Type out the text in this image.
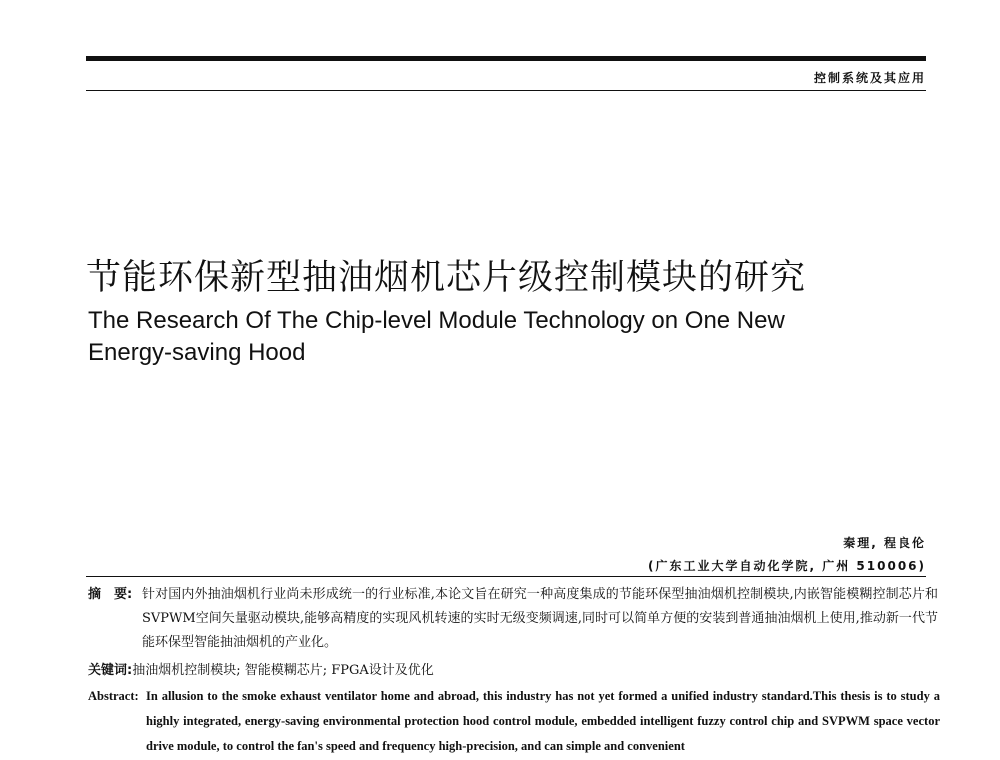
控制系统及其应用
节能环保新型抽油烟机芯片级控制模块的研究
The Research Of The Chip-level Module Technology on One New Energy-saving Hood
秦理, 程良伦
(广东工业大学自动化学院, 广州 510006)
摘　要: 针对国内外抽油烟机行业尚未形成统一的行业标准,本论文旨在研究一种高度集成的节能环保型抽油烟机控制模块,内嵌智能模糊控制芯片和SVPWM空间矢量驱动模块,能够高精度的实现风机转速的实时无级变频调速,同时可以简单方便的安装到普通抽油烟机上使用,推动新一代节能环保型智能抽油烟机的产业化。
关键词:抽油烟机控制模块; 智能模糊芯片; FPGA设计及优化
Abstract: In allusion to the smoke exhaust ventilator home and abroad, this industry has not yet formed a unified industry standard.This thesis is to study a highly integrated, energy-saving environmental protection hood control module, embedded intelligent fuzzy control chip and SVPWM space vector drive module, to control the fan's speed and frequency high-precision, and can simple and convenient
